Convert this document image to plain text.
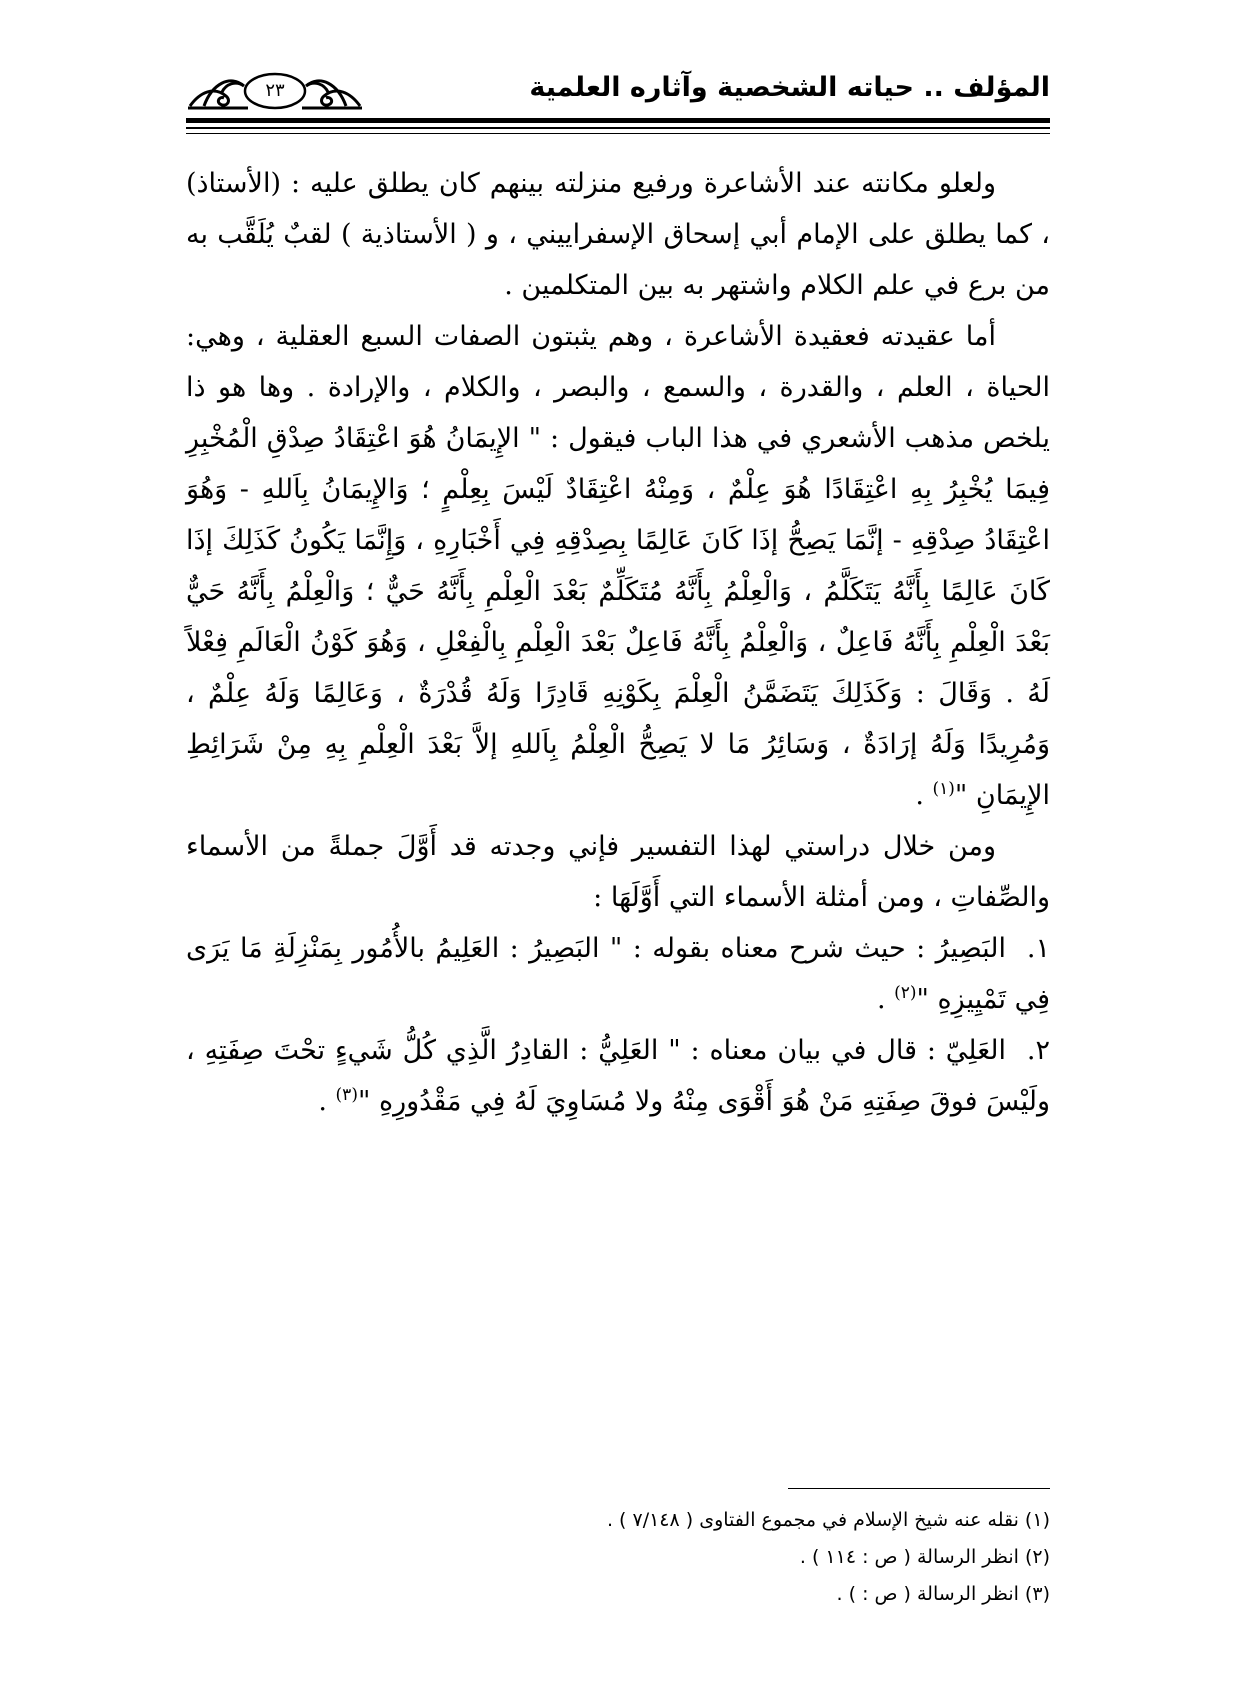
المؤلف .. حياته الشخصية وآثاره العلمية
٢٣

ولعلو مكانته عند الأشاعرة ورفيع منزلته بينهم كان يطلق عليه : (الأستاذ) ، كما يطلق على الإمام أبي إسحاق الإسفراييني ، و ( الأستاذية ) لقبٌ يُلَقَّب به من برع في علم الكلام واشتهر به بين المتكلمين .

أما عقيدته فعقيدة الأشاعرة ، وهم يثبتون الصفات السبع العقلية ، وهي: الحياة ، العلم ، والقدرة ، والسمع ، والبصر ، والكلام ، والإرادة . وها هو ذا يلخص مذهب الأشعري في هذا الباب فيقول : " الإِيمَانُ هُوَ اعْتِقَادُ صِدْقِ الْمُخْبِرِ فِيمَا يُخْبِرُ بِهِ اعْتِقَادًا هُوَ عِلْمٌ ، وَمِنْهُ اعْتِقَادٌ لَيْسَ بِعِلْمٍ ؛ وَالإِيمَانُ بِاَللهِ - وَهُوَ اعْتِقَادُ صِدْقِهِ - إنَّمَا يَصِحُّ إذَا كَانَ عَالِمًا بِصِدْقِهِ فِي أَخْبَارِهِ ، وَإِنَّمَا يَكُونُ كَذَلِكَ إذَا كَانَ عَالِمًا بِأَنَّهُ يَتَكَلَّمُ ، وَالْعِلْمُ بِأَنَّهُ مُتَكَلِّمٌ بَعْدَ الْعِلْمِ بِأَنَّهُ حَيٌّ ؛ وَالْعِلْمُ بِأَنَّهُ حَيٌّ بَعْدَ الْعِلْمِ بِأَنَّهُ فَاعِلٌ ، وَالْعِلْمُ بِأَنَّهُ فَاعِلٌ بَعْدَ الْعِلْمِ بِالْفِعْلِ ، وَهُوَ كَوْنُ الْعَالَمِ فِعْلاً لَهُ . وَقَالَ : وَكَذَلِكَ يَتَضَمَّنُ الْعِلْمَ بِكَوْنِهِ قَادِرًا وَلَهُ قُدْرَةٌ ، وَعَالِمًا وَلَهُ عِلْمٌ ، وَمُرِيدًا وَلَهُ إرَادَةٌ ، وَسَائِرُ مَا لا يَصِحُّ الْعِلْمُ بِاَللهِ إلاَّ بَعْدَ الْعِلْمِ بِهِ مِنْ شَرَائِطِ الإِيمَانِ "$^{(١)}$ .

ومن خلال دراستي لهذا التفسير فإني وجدته قد أَوَّلَ جملةً من الأسماء والصِّفاتِ ، ومن أمثلة الأسماء التي أَوَّلَهَا :

١.البَصِيرُ : حيث شرح معناه بقوله : " البَصِيرُ : العَلِيمُ بالأُمُور بِمَنْزِلَةِ مَا يَرَى فِي تَمْيِيزِهِ "$^{(٢)}$ .

٢.العَلِيّ : قال في بيان معناه : " العَلِيُّ : القادِرُ الَّذِي كُلُّ شَيءٍ تحْتَ صِفَتِهِ ، ولَيْسَ فوقَ صِفَتِهِ مَنْ هُوَ أَقْوَى مِنْهُ ولا مُسَاوِيَ لَهُ فِي مَقْدُورِهِ "$^{(٣)}$ .

(١) نقله عنه شيخ الإسلام في مجموع الفتاوى ( ٧/١٤٨ ) .
(٢) انظر الرسالة ( ص : ١١٤ ) .
(٣) انظر الرسالة ( ص : ) .
